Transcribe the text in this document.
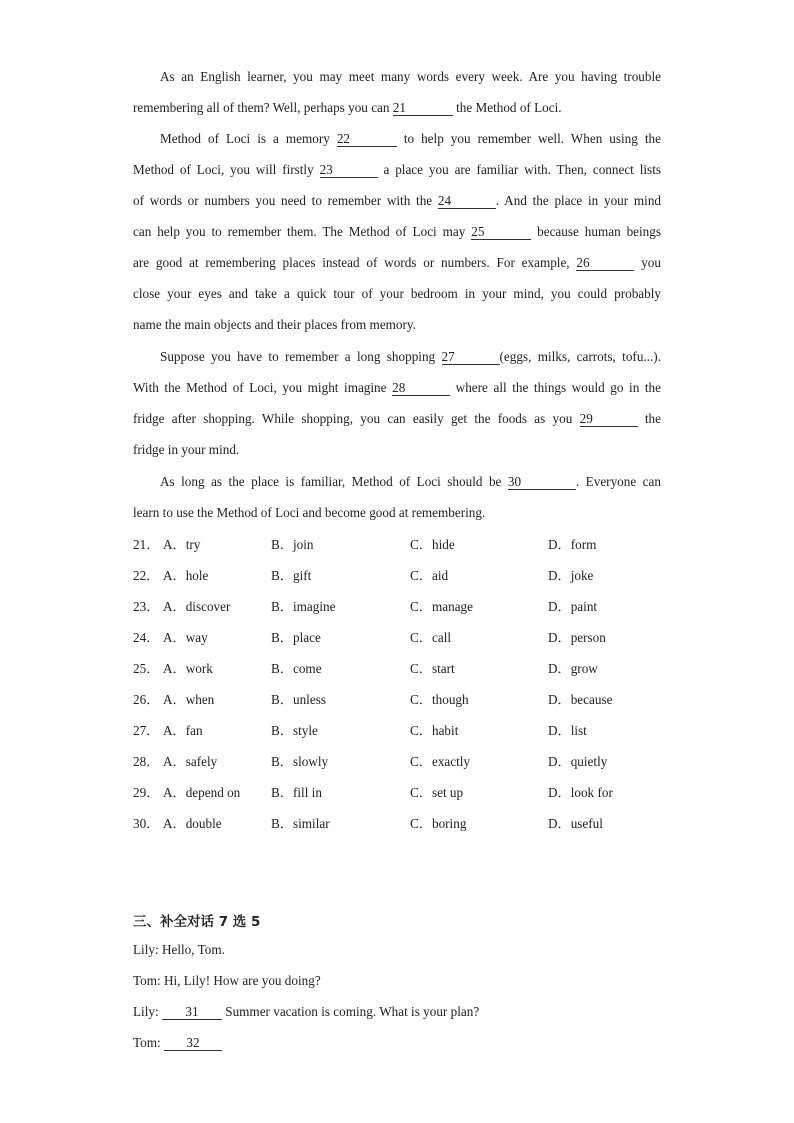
As an English learner, you may meet many words every week. Are you having trouble
remembering all of them? Well, perhaps you can 21	the Method of Loci.
Method of Loci is a memory 22	to help you remember well. When using the
Method of Loci, you will firstly 23	a place you are familiar with. Then, connect lists
of words or numbers you need to remember with the 24	. And the place in your mind
can help you to remember them. The Method of Loci may 25	because human beings
are good at remembering places instead of words or numbers. For example, 26	you
close your eyes and take a quick tour of your bedroom in your mind, you could probably
name the main objects and their places from memory.
Suppose you have to remember a long shopping 27	(eggs, milks, carrots, tofu...).
With the Method of Loci, you might imagine 28	where all the things would go in the
fridge after shopping. While shopping, you can easily get the foods as you 29	the
fridge in your mind.
As long as the place is familiar, Method of Loci should be 30	. Everyone can
learn to use the Method of Loci and become good at remembering.
21． A．try	B．join	C．hide	D．form
22． A．hole	B．gift	C．aid	D．joke
23． A．discover	B．imagine	C．manage	D．paint
24． A．way	B．place	C．call	D．person
25． A．work	B．come	C．start	D．grow
26． A．when	B．unless	C．though	D．because
27． A．fan	B．style	C．habit	D．list
28． A．safely	B．slowly	C．exactly	D．quietly
29． A．depend on B．fill in	C．set up	D．look for
30． A．double	B．similar	C．boring	D．useful
三、补全对话 7 选 5
Lily: Hello, Tom.
Tom: Hi, Lily! How are you doing?
Lily: 31 Summer vacation is coming. What is your plan?
Tom: 32
